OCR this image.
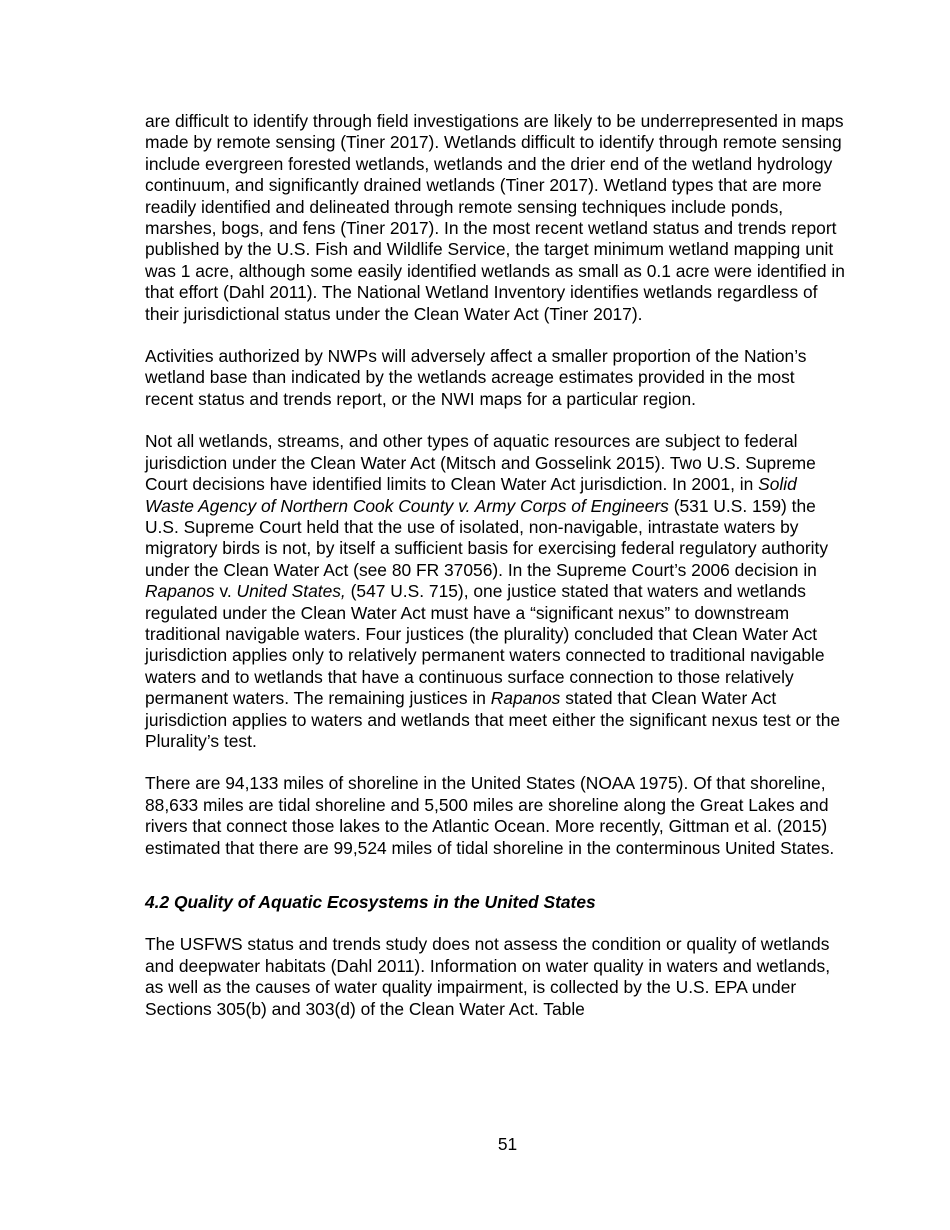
are difficult to identify through field investigations are likely to be underrepresented in maps made by remote sensing (Tiner 2017). Wetlands difficult to identify through remote sensing include evergreen forested wetlands, wetlands and the drier end of the wetland hydrology continuum, and significantly drained wetlands (Tiner 2017). Wetland types that are more readily identified and delineated through remote sensing techniques include ponds, marshes, bogs, and fens (Tiner 2017). In the most recent wetland status and trends report published by the U.S. Fish and Wildlife Service, the target minimum wetland mapping unit was 1 acre, although some easily identified wetlands as small as 0.1 acre were identified in that effort (Dahl 2011). The National Wetland Inventory identifies wetlands regardless of their jurisdictional status under the Clean Water Act (Tiner 2017).

Activities authorized by NWPs will adversely affect a smaller proportion of the Nation’s wetland base than indicated by the wetlands acreage estimates provided in the most recent status and trends report, or the NWI maps for a particular region.

Not all wetlands, streams, and other types of aquatic resources are subject to federal jurisdiction under the Clean Water Act (Mitsch and Gosselink 2015). Two U.S. Supreme Court decisions have identified limits to Clean Water Act jurisdiction. In 2001, in Solid Waste Agency of Northern Cook County v. Army Corps of Engineers (531 U.S. 159) the U.S. Supreme Court held that the use of isolated, non-navigable, intrastate waters by migratory birds is not, by itself a sufficient basis for exercising federal regulatory authority under the Clean Water Act (see 80 FR 37056). In the Supreme Court’s 2006 decision in Rapanos v. United States, (547 U.S. 715), one justice stated that waters and wetlands regulated under the Clean Water Act must have a “significant nexus” to downstream traditional navigable waters. Four justices (the plurality) concluded that Clean Water Act jurisdiction applies only to relatively permanent waters connected to traditional navigable waters and to wetlands that have a continuous surface connection to those relatively permanent waters. The remaining justices in Rapanos stated that Clean Water Act jurisdiction applies to waters and wetlands that meet either the significant nexus test or the Plurality’s test.

There are 94,133 miles of shoreline in the United States (NOAA 1975). Of that shoreline, 88,633 miles are tidal shoreline and 5,500 miles are shoreline along the Great Lakes and rivers that connect those lakes to the Atlantic Ocean. More recently, Gittman et al. (2015) estimated that there are 99,524 miles of tidal shoreline in the conterminous United States.

4.2 Quality of Aquatic Ecosystems in the United States

The USFWS status and trends study does not assess the condition or quality of wetlands and deepwater habitats (Dahl 2011). Information on water quality in waters and wetlands, as well as the causes of water quality impairment, is collected by the U.S. EPA under Sections 305(b) and 303(d) of the Clean Water Act. Table

51
